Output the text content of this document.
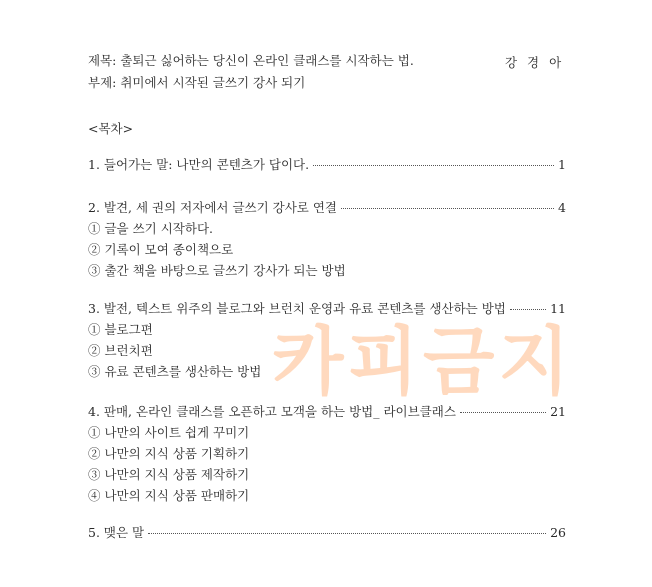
제목: 출퇴근 싫어하는 당신이 온라인 클래스를 시작하는 법.	강 경 아
부제: 취미에서 시작된 글쓰기 강사 되기
<목차>
1. 들어가는 말: 나만의 콘텐츠가 답이다.	1
2. 발견, 세 권의 저자에서 글쓰기 강사로 연결	4
① 글을 쓰기 시작하다.
② 기록이 모여 종이책으로
③ 출간 책을 바탕으로 글쓰기 강사가 되는 방법
3. 발전, 텍스트 위주의 블로그와 브런치 운영과 유료 콘텐츠를 생산하는 방법	11
① 블로그편
② 브런치편
③ 유료 콘텐츠를 생산하는 방법
4. 판매, 온라인 클래스를 오픈하고 모객을 하는 방법_ 라이브클래스	21
① 나만의 사이트 쉽게 꾸미기
② 나만의 지식 상품 기획하기
③ 나만의 지식 상품 제작하기
④ 나만의 지식 상품 판매하기
5. 맺은 말	26
카피금지
